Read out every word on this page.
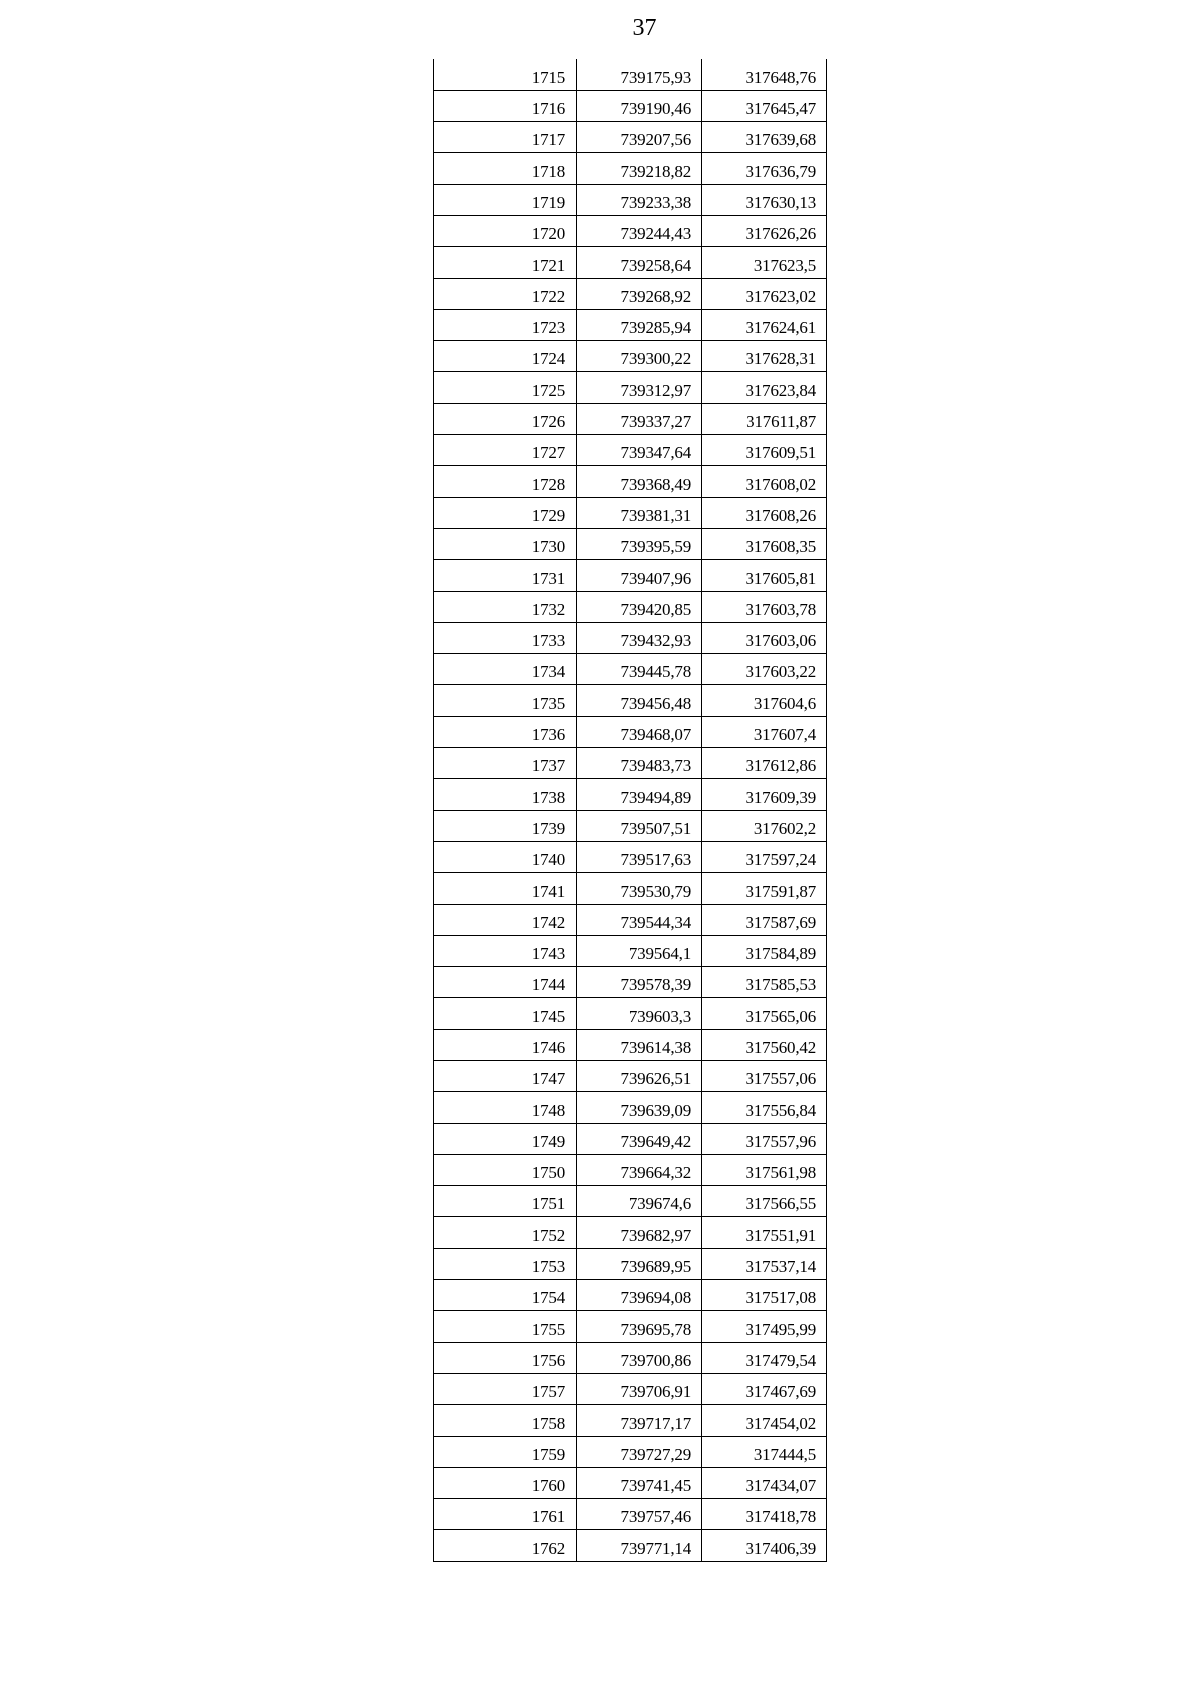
37
1715	739175,93	317648,76
1716	739190,46	317645,47
1717	739207,56	317639,68
1718	739218,82	317636,79
1719	739233,38	317630,13
1720	739244,43	317626,26
1721	739258,64	317623,5
1722	739268,92	317623,02
1723	739285,94	317624,61
1724	739300,22	317628,31
1725	739312,97	317623,84
1726	739337,27	317611,87
1727	739347,64	317609,51
1728	739368,49	317608,02
1729	739381,31	317608,26
1730	739395,59	317608,35
1731	739407,96	317605,81
1732	739420,85	317603,78
1733	739432,93	317603,06
1734	739445,78	317603,22
1735	739456,48	317604,6
1736	739468,07	317607,4
1737	739483,73	317612,86
1738	739494,89	317609,39
1739	739507,51	317602,2
1740	739517,63	317597,24
1741	739530,79	317591,87
1742	739544,34	317587,69
1743	739564,1	317584,89
1744	739578,39	317585,53
1745	739603,3	317565,06
1746	739614,38	317560,42
1747	739626,51	317557,06
1748	739639,09	317556,84
1749	739649,42	317557,96
1750	739664,32	317561,98
1751	739674,6	317566,55
1752	739682,97	317551,91
1753	739689,95	317537,14
1754	739694,08	317517,08
1755	739695,78	317495,99
1756	739700,86	317479,54
1757	739706,91	317467,69
1758	739717,17	317454,02
1759	739727,29	317444,5
1760	739741,45	317434,07
1761	739757,46	317418,78
1762	739771,14	317406,39
